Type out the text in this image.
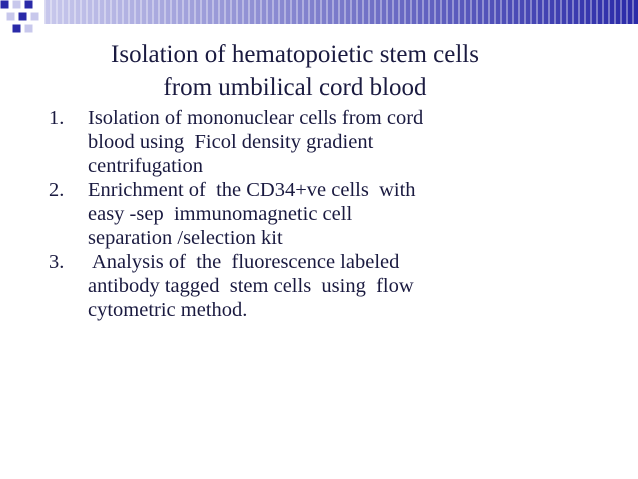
Isolation of hematopoietic stem cells
from umbilical cord blood
1. Isolation of mononuclear cells from cord
blood using  Ficol density gradient
centrifugation
2. Enrichment of  the CD34+ve cells  with
easy -sep  immunomagnetic cell
separation /selection kit
3. Analysis of  the  fluorescence labeled
antibody tagged  stem cells  using  flow
cytometric method.
